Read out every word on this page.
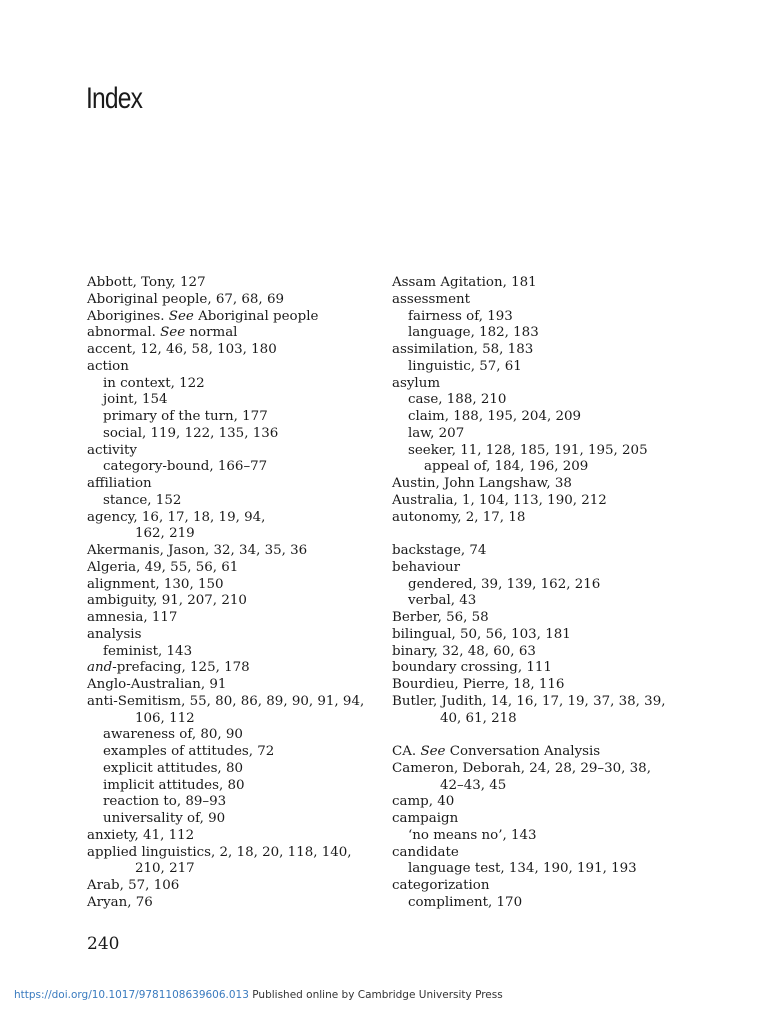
Index
Abbott, Tony, 127
Aboriginal people, 67, 68, 69
Aborigines. See Aboriginal people
abnormal. See normal
accent, 12, 46, 58, 103, 180
action
in context, 122
joint, 154
primary of the turn, 177
social, 119, 122, 135, 136
activity
category-bound, 166–77
affiliation
stance, 152
agency, 16, 17, 18, 19, 94,
162, 219
Akermanis, Jason, 32, 34, 35, 36
Algeria, 49, 55, 56, 61
alignment, 130, 150
ambiguity, 91, 207, 210
amnesia, 117
analysis
feminist, 143
and-prefacing, 125, 178
Anglo-Australian, 91
anti-Semitism, 55, 80, 86, 89, 90, 91, 94,
106, 112
awareness of, 80, 90
examples of attitudes, 72
explicit attitudes, 80
implicit attitudes, 80
reaction to, 89–93
universality of, 90
anxiety, 41, 112
applied linguistics, 2, 18, 20, 118, 140,
210, 217
Arab, 57, 106
Aryan, 76
Assam Agitation, 181
assessment
fairness of, 193
language, 182, 183
assimilation, 58, 183
linguistic, 57, 61
asylum
case, 188, 210
claim, 188, 195, 204, 209
law, 207
seeker, 11, 128, 185, 191, 195, 205
appeal of, 184, 196, 209
Austin, John Langshaw, 38
Australia, 1, 104, 113, 190, 212
autonomy, 2, 17, 18
backstage, 74
behaviour
gendered, 39, 139, 162, 216
verbal, 43
Berber, 56, 58
bilingual, 50, 56, 103, 181
binary, 32, 48, 60, 63
boundary crossing, 111
Bourdieu, Pierre, 18, 116
Butler, Judith, 14, 16, 17, 19, 37, 38, 39,
40, 61, 218
CA. See Conversation Analysis
Cameron, Deborah, 24, 28, 29–30, 38,
42–43, 45
camp, 40
campaign
‘no means no’, 143
candidate
language test, 134, 190, 191, 193
categorization
compliment, 170
240
https://doi.org/10.1017/9781108639606.013 Published online by Cambridge University Press
